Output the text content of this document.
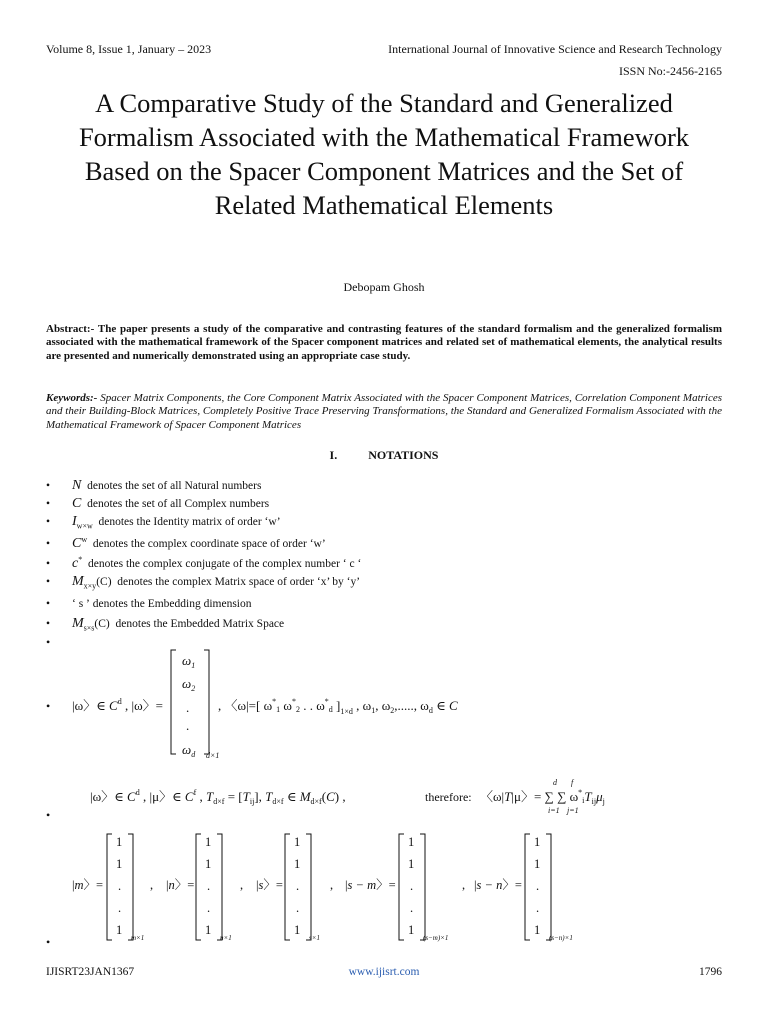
Volume 8, Issue 1, January – 2023	International Journal of Innovative Science and Research Technology
ISSN No:-2456-2165
A Comparative Study of the Standard and Generalized Formalism Associated with the Mathematical Framework Based on the Spacer Component Matrices and the Set of Related Mathematical Elements
Debopam Ghosh
Abstract:- The paper presents a study of the comparative and contrasting features of the standard formalism and the generalized formalism associated with the mathematical framework of the Spacer component matrices and related set of mathematical elements, the analytical results are presented and numerically demonstrated using an appropriate case study.
Keywords:- Spacer Matrix Components, the Core Component Matrix Associated with the Spacer Component Matrices, Correlation Component Matrices and their Building-Block Matrices, Completely Positive Trace Preserving Transformations, the Standard and Generalized Formalism Associated with the Mathematical Framework of Spacer Component Matrices
I.	NOTATIONS
• N denotes the set of all Natural numbers
• C denotes the set of all Complex numbers
• $I_{w\times w}$ denotes the Identity matrix of order ‘w’
• $C^w$ denotes the complex coordinate space of order ‘w’
• c* denotes the complex conjugate of the complex number ‘ c ‘
• $M_{x\times y}(C)$ denotes the complex Matrix space of order ‘x’ by ‘y’
• ‘ s ’ denotes the Embedding dimension
• $M_{s\times s}(C)$ denotes the Embedded Matrix Space
•
•
•
•
|ω〉∈ $C^d$ , |ω〉=
$\omega_1$
$\omega_2$
.
.
$\omega_d$ d×1
, 〈ω|=[ $\omega^*_1$ $\omega^*_2$ . . $\omega^*_d$ ]$_{1\times d}$ , $\omega_1$, $\omega_2$,....., $\omega_d$ ∈ C
|ω〉∈ $C^d$ , |μ〉∈ $C^f$ , $T_{d\times f} = [T_{ij}]$, $T_{d\times f}$ ∈ $M_{d\times f}(C)$ ,	therefore: 〈ω|T|μ〉= ∑ ∑ $\omega^*_iT_{ij}\mu_j$
d f
i=1 j=1
|m〉=
1
1
.
.
1
m×1
, |n〉=
1
1
.
.
1
n×1
, |s〉=
1
1
.
.
1
s×1
, |s − m〉=
1
1
.
.
1
(s−m)×1
, |s − n〉=
1
1
.
.
1
(s−n)×1
IJISRT23JAN1367	www.ijisrt.com	1796
